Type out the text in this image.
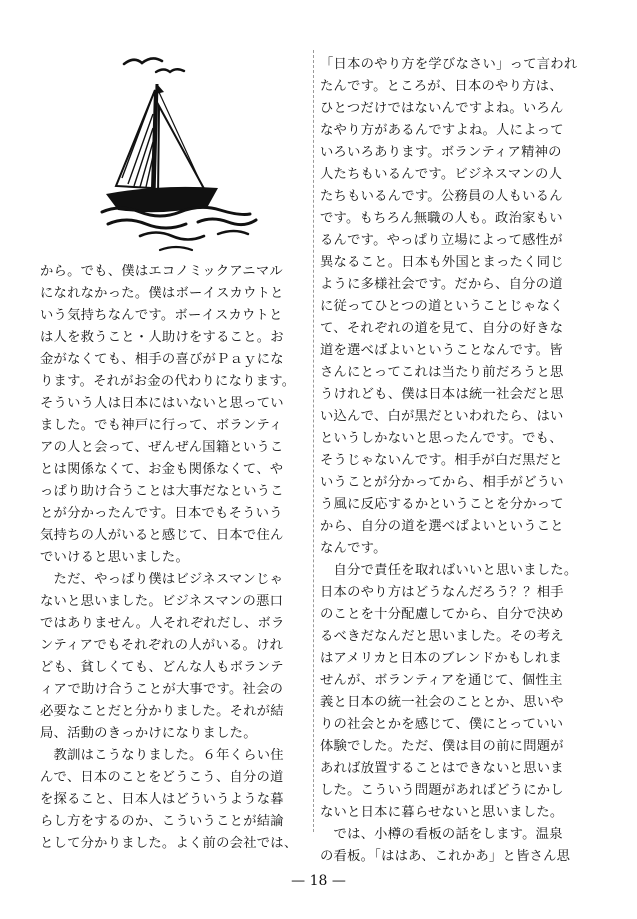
から。でも、僕はエコノミックアニマル
になれなかった。僕はボーイスカウトと
いう気持ちなんです。ボーイスカウトと
は人を救うこと・人助けをすること。お
金がなくても、相手の喜びがＰａｙにな
ります。それがお金の代わりになります。
そういう人は日本にはいないと思ってい
ました。でも神戸に行って、ボランティ
アの人と会って、ぜんぜん国籍というこ
とは関係なくて、お金も関係なくて、や
っぱり助け合うことは大事だなというこ
とが分かったんです。日本でもそういう
気持ちの人がいると感じて、日本で住ん
でいけると思いました。
　ただ、やっぱり僕はビジネスマンじゃ
ないと思いました。ビジネスマンの悪口
ではありません。人それぞれだし、ボラ
ンティアでもそれぞれの人がいる。けれ
ども、貧しくても、どんな人もボランテ
ィアで助け合うことが大事です。社会の
必要なことだと分かりました。それが結
局、活動のきっかけになりました。
　教訓はこうなりました。６年くらい住
んで、日本のことをどうこう、自分の道
を探ること、日本人はどういうような暮
らし方をするのか、こういうことが結論
として分かりました。よく前の会社では、
「日本のやり方を学びなさい」って言われ
たんです。ところが、日本のやり方は、
ひとつだけではないんですよね。いろん
なやり方があるんですよね。人によって
いろいろあります。ボランティア精神の
人たちもいるんです。ビジネスマンの人
たちもいるんです。公務員の人もいるん
です。もちろん無職の人も。政治家もい
るんです。やっぱり立場によって感性が
異なること。日本も外国とまったく同じ
ように多様社会です。だから、自分の道
に従ってひとつの道ということじゃなく
て、それぞれの道を見て、自分の好きな
道を選べばよいということなんです。皆
さんにとってこれは当たり前だろうと思
うけれども、僕は日本は統一社会だと思
い込んで、白が黒だといわれたら、はい
というしかないと思ったんです。でも、
そうじゃないんです。相手が白だ黒だと
いうことが分かってから、相手がどうい
う風に反応するかということを分かって
から、自分の道を選べばよいということ
なんです。
　自分で責任を取ればいいと思いました。
日本のやり方はどうなんだろう？？相手
のことを十分配慮してから、自分で決め
るべきだなんだと思いました。その考え
はアメリカと日本のブレンドかもしれま
せんが、ボランティアを通じて、個性主
義と日本の統一社会のこととか、思いや
りの社会とかを感じて、僕にとっていい
体験でした。ただ、僕は目の前に問題が
あれば放置することはできないと思いま
した。こういう問題があればどうにかし
ないと日本に暮らせないと思いました。
　では、小樽の看板の話をします。温泉
の看板。「ははあ、これかあ」と皆さん思
— 18 —
